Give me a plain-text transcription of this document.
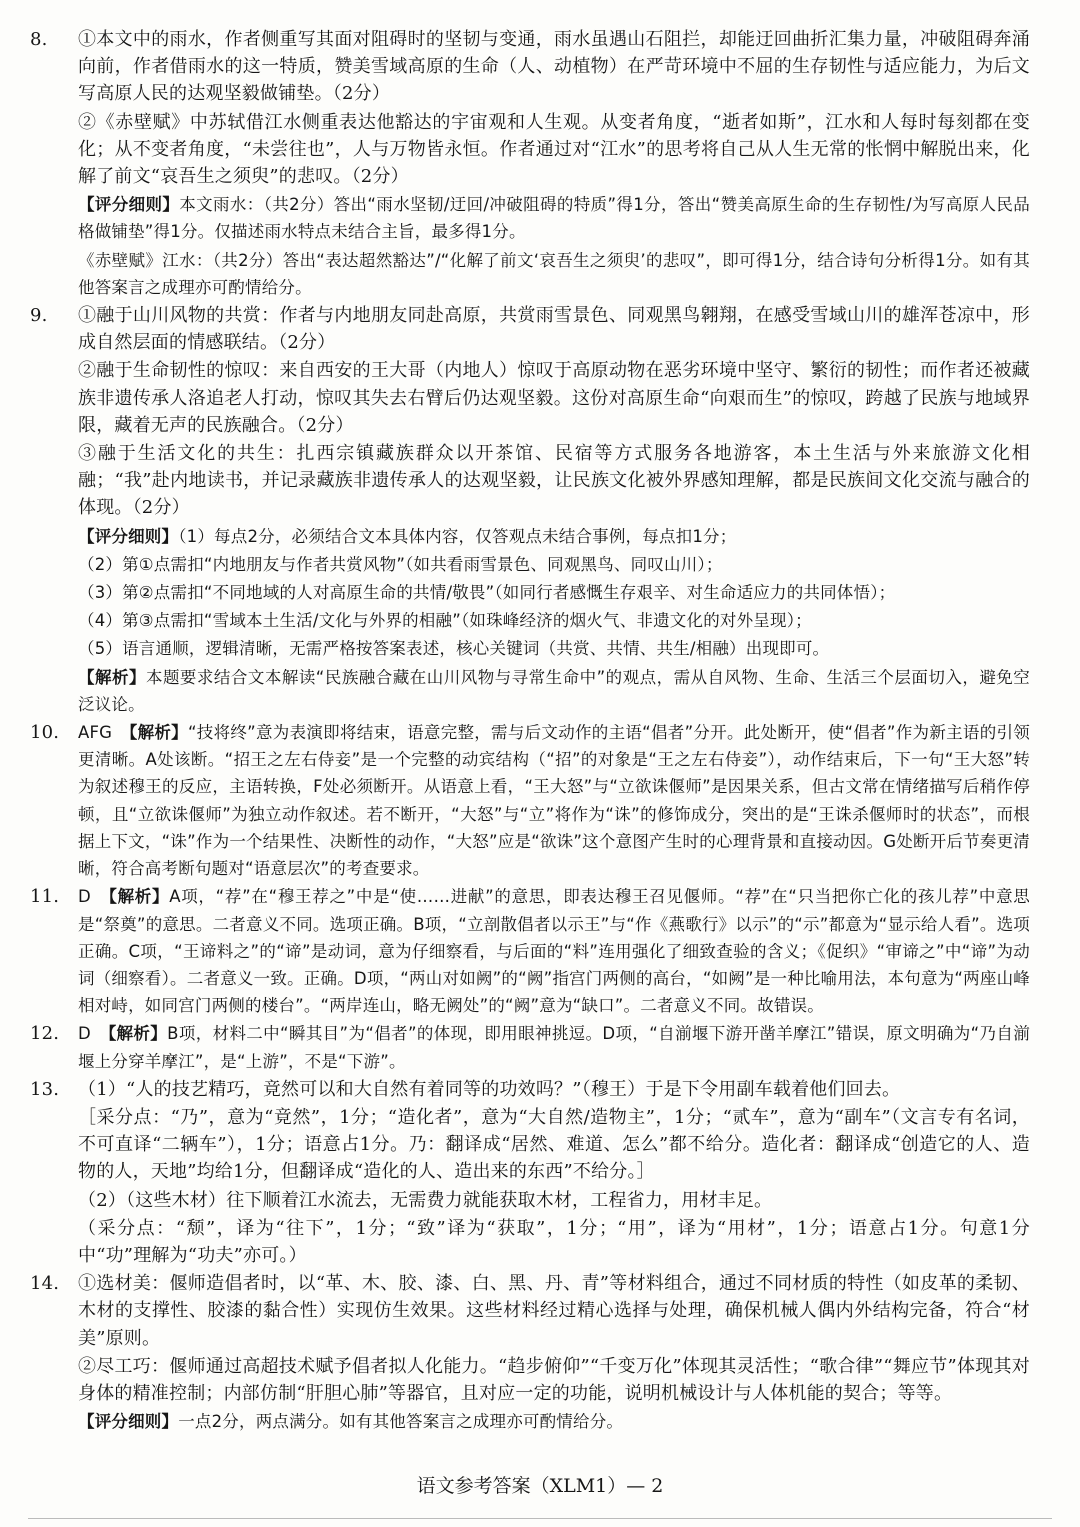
8. ①本文中的雨水，作者侧重写其面对阻碍时的坚韧与变通，雨水虽遇山石阻拦，却能迂回曲折汇集力量，冲破阻碍奔涌向前，作者借雨水的这一特质，赞美雪域高原的生命（人、动植物）在严苛环境中不屈的生存韧性与适应能力，为后文写高原人民的达观坚毅做铺垫。（2分）

②《赤壁赋》中苏轼借江水侧重表达他豁达的宇宙观和人生观。从变者角度，“逝者如斯”，江水和人每时每刻都在变化；从不变者角度，“未尝往也”，人与万物皆永恒。作者通过对“江水”的思考将自己从人生无常的怅惘中解脱出来，化解了前文“哀吾生之须臾”的悲叹。（2分）

【评分细则】本文雨水：（共2分）答出“雨水坚韧/迂回/冲破阻碍的特质”得1分，答出“赞美高原生命的生存韧性/为写高原人民品格做铺垫”得1分。仅描述雨水特点未结合主旨，最多得1分。

《赤壁赋》江水：（共2分）答出“表达超然豁达”/“化解了前文‘哀吾生之须臾’的悲叹”，即可得1分，结合诗句分析得1分。如有其他答案言之成理亦可酌情给分。

9. ①融于山川风物的共赏：作者与内地朋友同赴高原，共赏雨雪景色、同观黑鸟翱翔，在感受雪域山川的雄浑苍凉中，形成自然层面的情感联结。（2分）

②融于生命韧性的惊叹：来自西安的王大哥（内地人）惊叹于高原动物在恶劣环境中坚守、繁衍的韧性；而作者还被藏族非遗传承人洛追老人打动，惊叹其失去右臂后仍达观坚毅。这份对高原生命“向艰而生”的惊叹，跨越了民族与地域界限，藏着无声的民族融合。（2分）

③融于生活文化的共生：扎西宗镇藏族群众以开茶馆、民宿等方式服务各地游客，本土生活与外来旅游文化相融；“我”赴内地读书，并记录藏族非遗传承人的达观坚毅，让民族文化被外界感知理解，都是民族间文化交流与融合的体现。（2分）

【评分细则】（1）每点2分，必须结合文本具体内容，仅答观点未结合事例，每点扣1分；

（2）第①点需扣“内地朋友与作者共赏风物”（如共看雨雪景色、同观黑鸟、同叹山川）；

（3）第②点需扣“不同地域的人对高原生命的共情/敬畏”（如同行者感慨生存艰辛、对生命适应力的共同体悟）；

（4）第③点需扣“雪域本土生活/文化与外界的相融”（如珠峰经济的烟火气、非遗文化的对外呈现）；

（5）语言通顺，逻辑清晰，无需严格按答案表述，核心关键词（共赏、共情、共生/相融）出现即可。

【解析】本题要求结合文本解读“民族融合藏在山川风物与寻常生命中”的观点，需从自风物、生命、生活三个层面切入，避免空泛议论。

10. AFG　【解析】“技将终”意为表演即将结束，语意完整，需与后文动作的主语“倡者”分开。此处断开，使“倡者”作为新主语的引领更清晰。A处该断。“招王之左右侍妾”是一个完整的动宾结构（“招”的对象是“王之左右侍妾”），动作结束后，下一句“王大怒”转为叙述穆王的反应，主语转换，F处必须断开。从语意上看，“王大怒”与“立欲诛偃师”是因果关系，但古文常在情绪描写后稍作停顿，且“立欲诛偃师”为独立动作叙述。若不断开，“大怒”与“立”将作为“诛”的修饰成分，突出的是“王诛杀偃师时的状态”，而根据上下文，“诛”作为一个结果性、决断性的动作，“大怒”应是“欲诛”这个意图产生时的心理背景和直接动因。G处断开后节奏更清晰，符合高考断句题对“语意层次”的考查要求。

11. D　【解析】A项，“荐”在“穆王荐之”中是“使……进献”的意思，即表达穆王召见偃师。“荐”在“只当把你亡化的孩儿荐”中意思是“祭奠”的意思。二者意义不同。选项正确。B项，“立剖散倡者以示王”与“作《燕歌行》以示”的“示”都意为“显示给人看”。选项正确。C项，“王谛料之”的“谛”是动词，意为仔细察看，与后面的“料”连用强化了细致查验的含义；《促织》“审谛之”中“谛”为动词（细察看）。二者意义一致。正确。D项，“两山对如阙”的“阙”指宫门两侧的高台，“如阙”是一种比喻用法，本句意为“两座山峰相对峙，如同宫门两侧的楼台”。“两岸连山，略无阙处”的“阙”意为“缺口”。二者意义不同。故错误。

12. D　【解析】B项，材料二中“瞬其目”为“倡者”的体现，即用眼神挑逗。D项，“自湔堰下游开凿羊摩江”错误，原文明确为“乃自湔堰上分穿羊摩江”，是“上游”，不是“下游”。

13. （1）“人的技艺精巧，竟然可以和大自然有着同等的功效吗？”（穆王）于是下令用副车载着他们回去。

［采分点：“乃”，意为“竟然”，1分；“造化者”，意为“大自然/造物主”，1分；“贰车”，意为“副车”（文言专有名词，不可直译“二辆车”），1分；语意占1分。乃：翻译成“居然、难道、怎么”都不给分。造化者：翻译成“创造它的人、造物的人，天地”均给1分，但翻译成“造化的人、造出来的东西”不给分。］

（2）（这些木材）往下顺着江水流去，无需费力就能获取木材，工程省力，用材丰足。

（采分点：“颓”，译为“往下”，1分；“致”译为“获取”，1分；“用”，译为“用材”，1分；语意占1分。句意1分中“功”理解为“功夫”亦可。）

14. ①选材美：偃师造倡者时，以“革、木、胶、漆、白、黑、丹、青”等材料组合，通过不同材质的特性（如皮革的柔韧、木材的支撑性、胶漆的黏合性）实现仿生效果。这些材料经过精心选择与处理，确保机械人偶内外结构完备，符合“材美”原则。

②尽工巧：偃师通过高超技术赋予倡者拟人化能力。“趋步俯仰”“千变万化”体现其灵活性；“歌合律”“舞应节”体现其对身体的精准控制；内部仿制“肝胆心肺”等器官，且对应一定的功能，说明机械设计与人体机能的契合；等等。

【评分细则】一点2分，两点满分。如有其他答案言之成理亦可酌情给分。

语文参考答案（XLM1）— 2
